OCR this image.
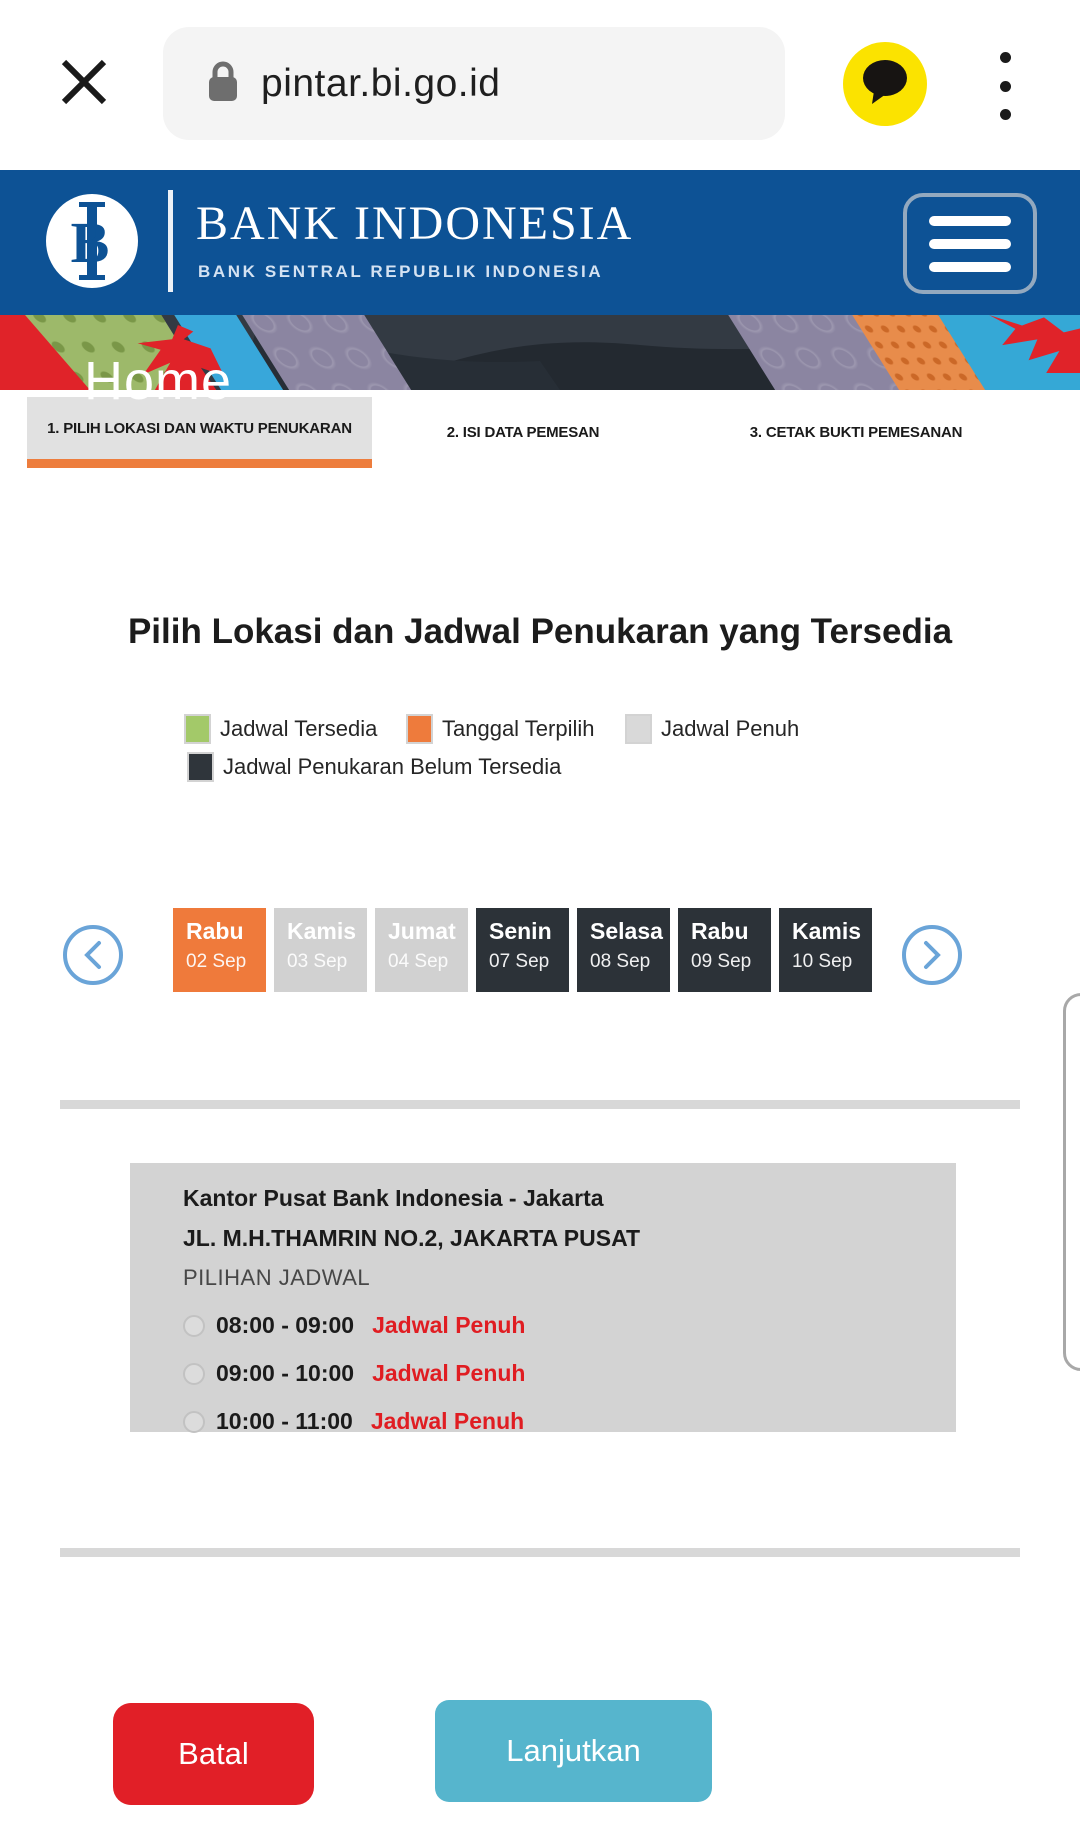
pintar.bi.go.id
B BANK INDONESIA
BANK SENTRAL REPUBLIK INDONESIA
Home
1. PILIH LOKASI DAN WAKTU PENUKARAN	2. ISI DATA PEMESAN	3. CETAK BUKTI PEMESANAN
Pilih Lokasi dan Jadwal Penukaran yang Tersedia
Jadwal Tersedia	Tanggal Terpilih	Jadwal Penuh
Jadwal Penukaran Belum Tersedia
Rabu
02 Sep
Kamis
03 Sep
Jumat
04 Sep
Senin
07 Sep
Selasa
08 Sep
Rabu
09 Sep
Kamis
10 Sep
Kantor Pusat Bank Indonesia - Jakarta
JL. M.H.THAMRIN NO.2, JAKARTA PUSAT
PILIHAN JADWAL
08:00 - 09:00 Jadwal Penuh
09:00 - 10:00 Jadwal Penuh
10:00 - 11:00 Jadwal Penuh
Batal	Lanjutkan
